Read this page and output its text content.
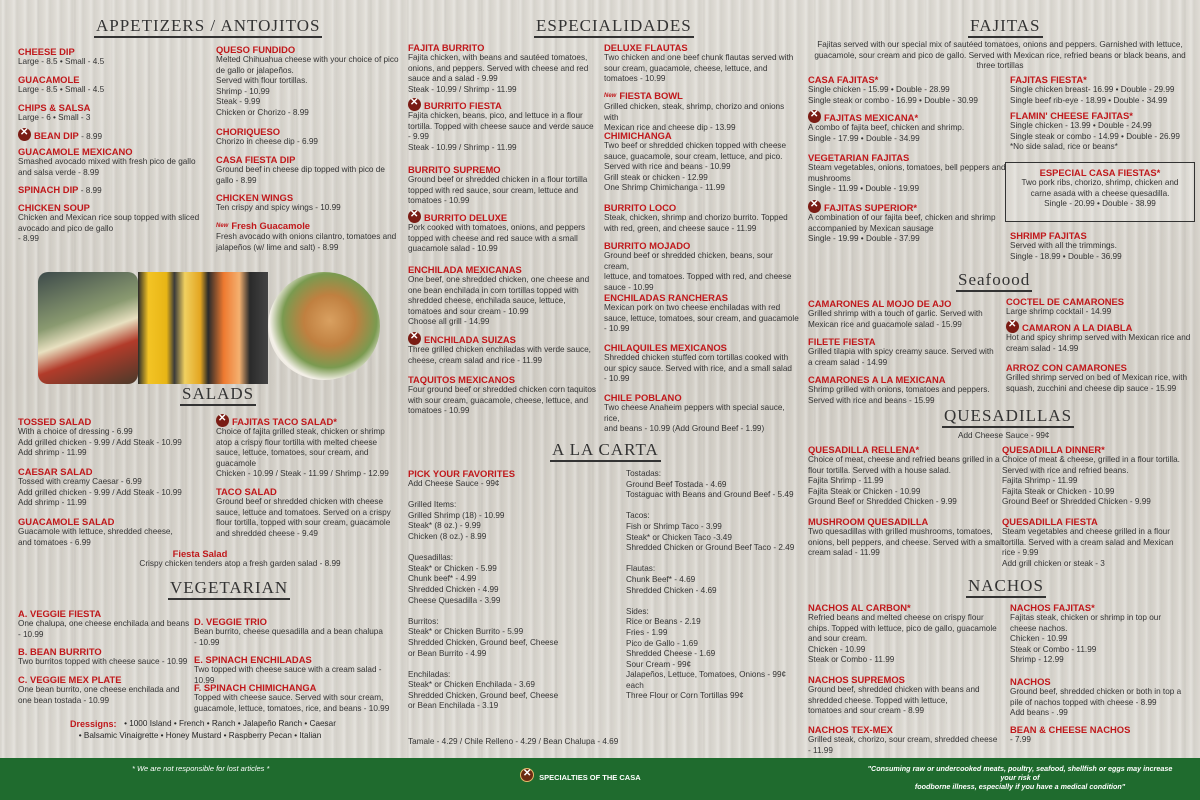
APPETIZERS / ANTOJITOS
CHEESE DIP
Large - 8.5 • Small - 4.5
GUACAMOLE
Large - 8.5 • Small - 4.5
CHIPS & SALSA
Large - 6 • Small - 3
✕BEAN DIP - 8.99
GUACAMOLE MEXICANO
Smashed avocado mixed with fresh pico de gallo
and salsa verde - 8.99
SPINACH DIP - 8.99
CHICKEN SOUP
Chicken and Mexican rice soup topped with sliced
avocado and pico de gallo
- 8.99
QUESO FUNDIDO
Melted Chihuahua cheese with your choice of pico
de gallo or jalapeños.
Served with flour tortillas.
Shrimp - 10.99
Steak - 9.99
Chicken or Chorizo - 8.99
CHORIQUESO
Chorizo in cheese dip - 6.99
CASA FIESTA DIP
Ground beef in cheese dip topped with pico de
gallo - 8.99
CHICKEN WINGS
Ten crispy and spicy wings - 10.99
$^{New}$ Fresh Guacamole
Fresh avocado with onions cilantro, tomatoes and
jalapeños (w/ lime and salt) - 8.99
SALADS
TOSSED SALAD
With a choice of dressing - 6.99
Add grilled chicken - 9.99 / Add Steak - 10.99
Add shrimp - 11.99
CAESAR SALAD
Tossed with creamy Caesar - 6.99
Add grilled chicken - 9.99 / Add Steak - 10.99
Add shrimp - 11.99
GUACAMOLE SALAD
Guacamole with lettuce, shredded cheese,
and tomatoes - 6.99
✕FAJITAS TACO SALAD*
Choice of fajita grilled steak, chicken or shrimp
atop a crispy flour tortilla with melted cheese
sauce, lettuce, tomatoes, sour cream, and
guacamole
Chicken - 10.99 / Steak - 11.99 / Shrimp - 12.99
TACO SALAD
Ground beef or shredded chicken with cheese
sauce, lettuce and tomatoes. Served on a crispy
flour tortilla, topped with sour cream, guacamole
and shredded cheese - 9.49
Fiesta Salad
Crispy chicken tenders atop a fresh garden salad - 8.99
VEGETARIAN
A. VEGGIE FIESTA
One chalupa, one cheese enchilada and beans
- 10.99
B. BEAN BURRITO
Two burritos topped with cheese sauce - 10.99
C. VEGGIE MEX PLATE
One bean burrito, one cheese enchilada and
one bean tostada - 10.99
D. VEGGIE TRIO
Bean burrito, cheese quesadilla and a bean chalupa
- 10.99
E. SPINACH ENCHILADAS
Two topped with cheese sauce with a cream salad - 10.99
F. SPINACH CHIMICHANGA
Topped with cheese sauce. Served with sour cream,
guacamole, lettuce, tomatoes, rice, and beans - 10.99
Dressigns: • 1000 Island • French • Ranch • Jalapeño Ranch • Caesar
• Balsamic Vinaigrette • Honey Mustard • Raspberry Pecan • Italian
ESPECIALIDADES
FAJITA BURRITO
Fajita chicken, with beans and sautéed tomatoes,
onions, and peppers. Served with cheese and red
sauce and a salad - 9.99
Steak - 10.99 / Shrimp - 11.99
✕BURRITO FIESTA
Fajita chicken, beans, pico, and lettuce in a flour
tortilla. Topped with cheese sauce and verde sauce
- 9.99
Steak - 10.99 / Shrimp - 11.99
BURRITO SUPREMO
Ground beef or shredded chicken in a flour tortilla
topped with red sauce, sour cream, lettuce and
tomatoes - 10.99
✕BURRITO DELUXE
Pork cooked with tomatoes, onions, and peppers
topped with cheese and red sauce with a small
guacamole salad - 10.99
ENCHILADA MEXICANAS
One beef, one shredded chicken, one cheese and
one bean enchilada in corn tortillas topped with
shredded cheese, enchilada sauce, lettuce,
tomatoes and sour cream - 10.99
Choose all grill - 14.99
✕ENCHILADA SUIZAS
Three grilled chicken enchiladas with verde sauce,
cheese, cream salad and rice - 11.99
TAQUITOS MEXICANOS
Four ground beef or shredded chicken corn taquitos
with sour cream, guacamole, cheese, lettuce, and
tomatoes - 10.99
DELUXE FLAUTAS
Two chicken and one beef chunk flautas served with
sour cream, guacamole, cheese, lettuce, and
tomatoes - 10.99
$^{New}$ FIESTA BOWL
Grilled chicken, steak, shrimp, chorizo and onions with
Mexican rice and cheese dip - 13.99
CHIMICHANGA
Two beef or shredded chicken topped with cheese
sauce, guacamole, sour cream, lettuce, and pico.
Served with rice and beans - 10.99
Grill steak or chicken - 12.99
One Shrimp Chimichanga - 11.99
BURRITO LOCO
Steak, chicken, shrimp and chorizo burrito. Topped
with red, green, and cheese sauce - 11.99
BURRITO MOJADO
Ground beef or shredded chicken, beans, sour cream,
lettuce, and tomatoes. Topped with red, and cheese
sauce - 10.99
ENCHILADAS RANCHERAS
Mexican pork on two cheese enchiladas with red
sauce, lettuce, tomatoes, sour cream, and guacamole
- 10.99
CHILAQUILES MEXICANOS
Shredded chicken stuffed corn tortillas cooked with
our spicy sauce. Served with rice, and a small salad
- 10.99
CHILE POBLANO
Two cheese Anaheim peppers with special sauce, rice,
and beans - 10.99 (Add Ground Beef - 1.99)
A LA CARTA
PICK YOUR FAVORITES
Add Cheese Sauce - 99¢

Grilled Items:
Grilled Shrimp (18) - 10.99
Steak* (8 oz.) - 9.99
Chicken (8 oz.) - 8.99

Quesadillas:
Steak* or Chicken - 5.99
Chunk beef* - 4.99
Shredded Chicken - 4.99
Cheese Quesadilla - 3.99

Burritos:
Steak* or Chicken Burrito - 5.99
Shredded Chicken, Ground beef, Cheese
or Bean Burrito - 4.99

Enchiladas:
Steak* or Chicken Enchilada - 3.69
Shredded Chicken, Ground beef, Cheese
or Bean Enchilada - 3.19
Tamale - 4.29 / Chile Relleno - 4.29 / Bean Chalupa - 4.69
Tostadas:
Ground Beef Tostada - 4.69
Tostaguac with Beans and Ground Beef - 5.49

Tacos:
Fish or Shrimp Taco - 3.99
Steak* or Chicken Taco -3.49
Shredded Chicken or Ground Beef Taco - 2.49

Flautas:
Chunk Beef* - 4.69
Shredded Chicken - 4.69

Sides:
Rice or Beans - 2.19
Fries - 1.99
Pico de Gallo - 1.69
Shredded Cheese - 1.69
Sour Cream - 99¢
Jalapeños, Lettuce, Tomatoes, Onions - 99¢ each
Three Flour or Corn Tortillas 99¢
FAJITAS
Fajitas served with our special mix of sautéed tomatoes, onions and peppers. Garnished with lettuce,
guacamole, sour cream and pico de gallo. Served with Mexican rice, refried beans or black beans, and
three tortillas
CASA FAJITAS*
Single chicken - 15.99 • Double - 28.99
Single steak or combo - 16.99 • Double - 30.99
✕FAJITAS MEXICANA*
A combo of fajita beef, chicken and shrimp.
Single - 17.99 • Double - 34.99
VEGETARIAN FAJITAS
Steam vegetables, onions, tomatoes, bell peppers and
mushrooms
Single - 11.99 • Double - 19.99
✕FAJITAS SUPERIOR*
A combination of our fajita beef, chicken and shrimp
accompanied by Mexican sausage
Single - 19.99 • Double - 37.99
FAJITAS FIESTA*
Single chicken breast- 16.99 • Double - 29.99
Single beef rib-eye - 18.99 • Double - 34.99
FLAMIN' CHEESE FAJITAS*
Single chicken - 13.99 • Double - 24.99
Single steak or combo - 14.99 • Double - 26.99
*No side salad, rice or beans*
ESPECIAL CASA FIESTAS*
Two pork ribs, chorizo, shrimp, chicken and
carne asada with a cheese quesadilla.
Single - 20.99 • Double - 38.99
SHRIMP FAJITAS
Served with all the trimmings.
Single - 18.99 • Double - 36.99
Seafoood
CAMARONES AL MOJO DE AJO
Grilled shrimp with a touch of garlic. Served with
Mexican rice and guacamole salad - 15.99
FILETE FIESTA
Grilled tilapia with spicy creamy sauce. Served with
a cream salad - 14.99
CAMARONES A LA MEXICANA
Shrimp grilled with onions, tomatoes and peppers.
Served with rice and beans - 15.99
COCTEL DE CAMARONES
Large shrimp cocktail - 14.99
✕CAMARON A LA DIABLA
Hot and spicy shrimp served with Mexican rice and
cream salad - 14.99
ARROZ CON CAMARONES
Grilled shrimp served on bed of Mexican rice, with
squash, zucchini and cheese dip sauce - 15.99
QUESADILLAS
Add Cheese Sauce - 99¢
QUESADILLA RELLENA*
Choice of meat, cheese and refried beans grilled in a
flour tortilla. Served with a house salad.
Fajita Shrimp - 11.99
Fajita Steak or Chicken - 10.99
Ground Beef or Shredded Chicken - 9.99
MUSHROOM QUESADILLA
Two quesadillas with grilled mushrooms, tomatoes,
onions, bell peppers, and cheese. Served with a small
cream salad - 11.99
QUESADILLA DINNER*
Choice of meat & cheese, grilled in a flour tortilla.
Served with rice and refried beans.
Fajita Shrimp - 11.99
Fajita Steak or Chicken - 10.99
Ground Beef or Shredded Chicken - 9.99
QUESADILLA FIESTA
Steam vegetables and cheese grilled in a flour
tortilla. Served with a cream salad and Mexican
rice - 9.99
Add grill chicken or steak - 3
NACHOS
NACHOS AL CARBON*
Refried beans and melted cheese on crispy flour
chips. Topped with lettuce, pico de gallo, guacamole
and sour cream.
Chicken - 10.99
Steak or Combo - 11.99
NACHOS SUPREMOS
Ground beef, shredded chicken with beans and
shredded cheese. Topped with lettuce,
tomatoes and sour cream - 8.99
NACHOS TEX-MEX
Grilled steak, chorizo, sour cream, shredded cheese
- 11.99
NACHOS FAJITAS*
Fajitas steak, chicken or shrimp in top our
cheese nachos.
Chicken - 10.99
Steak or Combo - 11.99
Shrimp - 12.99
NACHOS
Ground beef, shredded chicken or both in top a
pile of nachos topped with cheese - 8.99
Add beans - .99
BEAN & CHEESE NACHOS
- 7.99
* We are not responsible for lost articles *
✕ SPECIALTIES OF THE CASA
"Consuming raw or undercooked meats, poultry, seafood, shellfish or eggs may increase your risk of
foodborne illness, especially if you have a medical condition"
